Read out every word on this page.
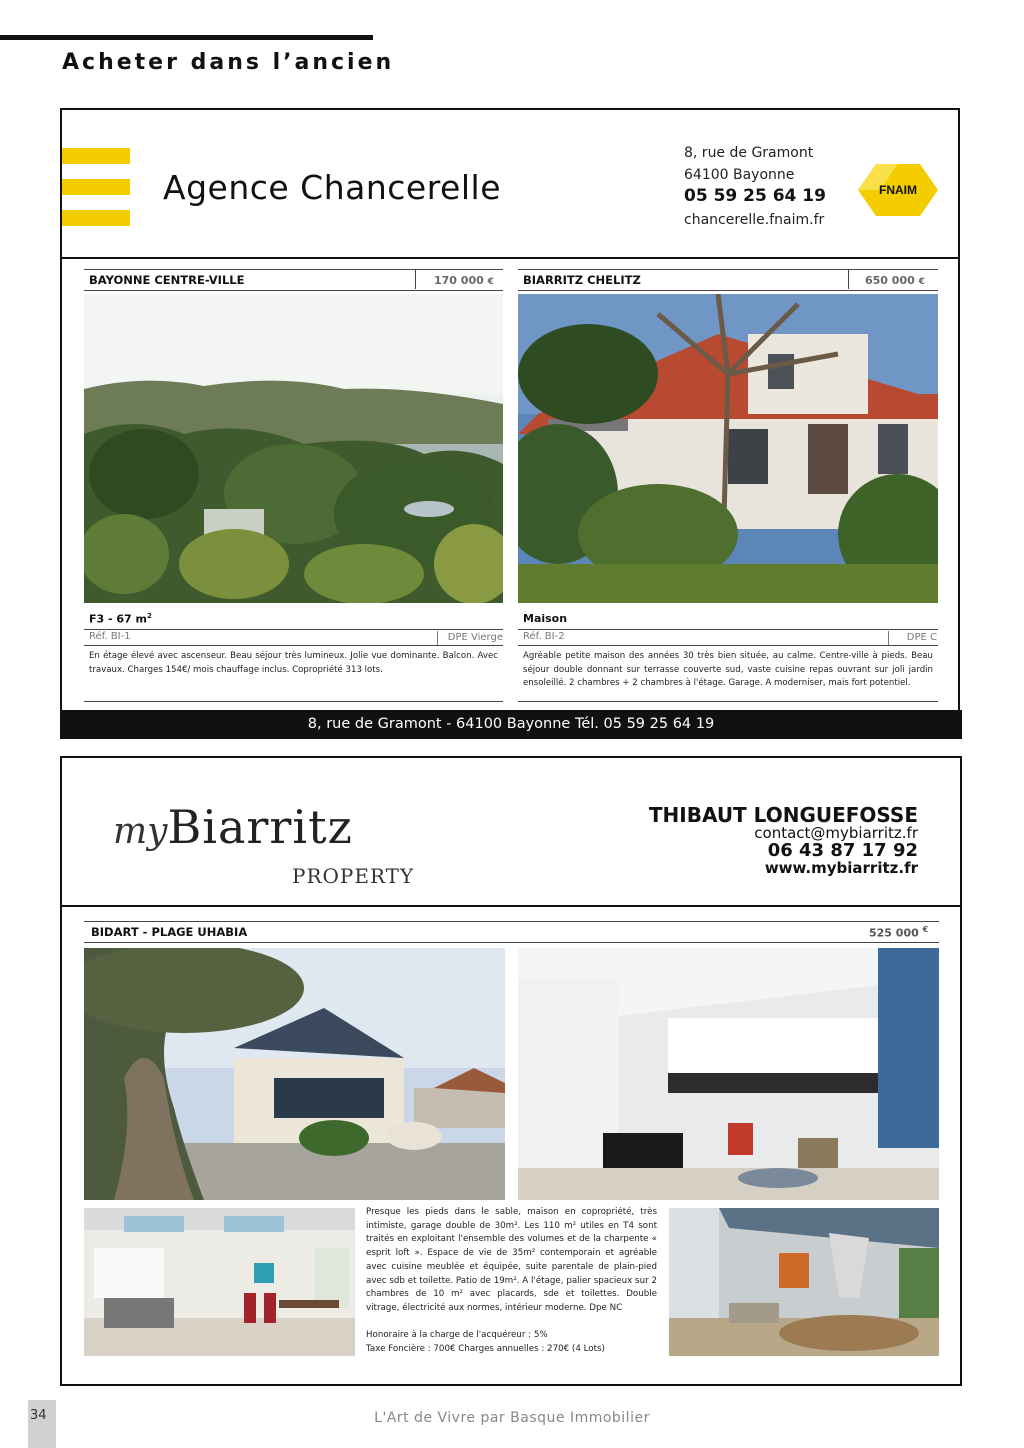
Acheter dans l’ancien
Agence Chancerelle
8, rue de Gramont
64100 Bayonne
05 59 25 64 19
chancerelle.fnaim.fr
FNAIM
BAYONNE CENTRE-VILLE	170 000 €
F3 - 67 $m^2$
Réf. BI-1	DPE Vierge
En étage élevé avec ascenseur. Beau séjour très lumineux. Jolie vue dominante. Balcon. Avec travaux. Charges 154€/ mois chauffage inclus. Copropriété 313 lots.
BIARRITZ CHELITZ	650 000 €
Maison
Réf. BI-2	DPE C
Agréable petite maison des années 30 très bien située, au calme. Centre-ville à pieds. Beau séjour double donnant sur terrasse couverte sud, vaste cuisine repas ouvrant sur joli jardin ensoleillé. 2 chambres + 2 chambres à l'étage. Garage. A moderniser, mais fort potentiel.
8, rue de Gramont - 64100 Bayonne Tél. 05 59 25 64 19
myBiarritz
PROPERTY
THIBAUT LONGUEFOSSE
contact@mybiarritz.fr
06 43 87 17 92
www.mybiarritz.fr
BIDART - PLAGE UHABIA	525 000 €
Presque les pieds dans le sable, maison en copropriété, très intimiste, garage double de 30m². Les 110 m² utiles en T4 sont traités en exploitant l'ensemble des volumes et de la charpente « esprit loft ». Espace de vie de 35m² contemporain et agréable avec cuisine meublée et équipée, suite parentale de plain-pied avec sdb et toilette. Patio de 19m². A l'étage, palier spacieux sur 2 chambres de 10 m² avec placards, sde et toilettes. Double vitrage, électricité aux normes, intérieur moderne. Dpe NC
Honoraire à la charge de l'acquéreur : 5%
Taxe Foncière : 700€ Charges annuelles : 270€ (4 Lots)
34	L'Art de Vivre par Basque Immobilier
